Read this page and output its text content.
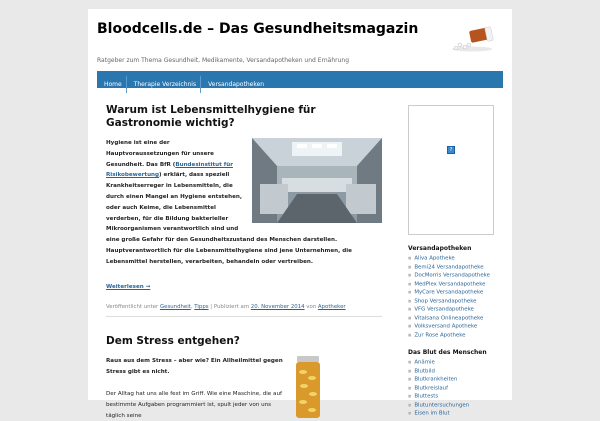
Bloodcells.de – Das Gesundheitsmagazin
Ratgeber zum Thema Gesundheit, Medikamente, Versandapotheken und Ernährung
Home Therapie Verzeichnis Versandapotheken
Warum ist Lebensmittelhygiene für Gastronomie wichtig?

Hygiene ist eine der Hauptvoraussetzungen für unsere Gesundheit. Das BfR (Bundesinstitut für Risikobewertung) erklärt, dass speziell Krankheitserreger in Lebensmitteln, die durch einen Mangel an Hygiene entstehen, oder auch Keime, die Lebensmittel verderben, für die Bildung bakterieller Mikroorganismen verantwortlich sind und eine große Gefahr für den Gesundheitszustand des Menschen darstellen. Hauptverantwortlich für die Lebensmittelhygiene sind jene Unternehmen, die Lebensmittel herstellen, verarbeiten, behandeln oder vertreiben.

Weiterlesen →
Veröffentlicht unter Gesundheit, Tipps | Publiziert am 20. November 2014 von Apotheker
Dem Stress entgehen?

Raus aus dem Stress – aber wie? Ein Allheilmittel gegen Stress gibt es nicht.

Der Alltag hat uns alle fest im Griff. Wie eine Maschine, die auf bestimmte Aufgaben programmiert ist, spult jeder von uns täglich seine

?
Versandapotheken
■ Aliva Apotheke
■ Bemi24 Versandapotheke
■ DocMorris Versandapotheke
■ MedPlex Versandapotheke
■ MyCare Versandapotheke
■ Shop Versandapotheke
■ VFG Versandapotheke
■ Vitalsana Onlineapotheke
■ Volksversand Apotheke
■ Zur Rose Apotheke
Das Blut des Menschen
■ Anämie
■ Blutbild
■ Blutkrankheiten
■ Blutkreislauf
■ Bluttests
■ Blutuntersuchungen
■ Eisen im Blut
